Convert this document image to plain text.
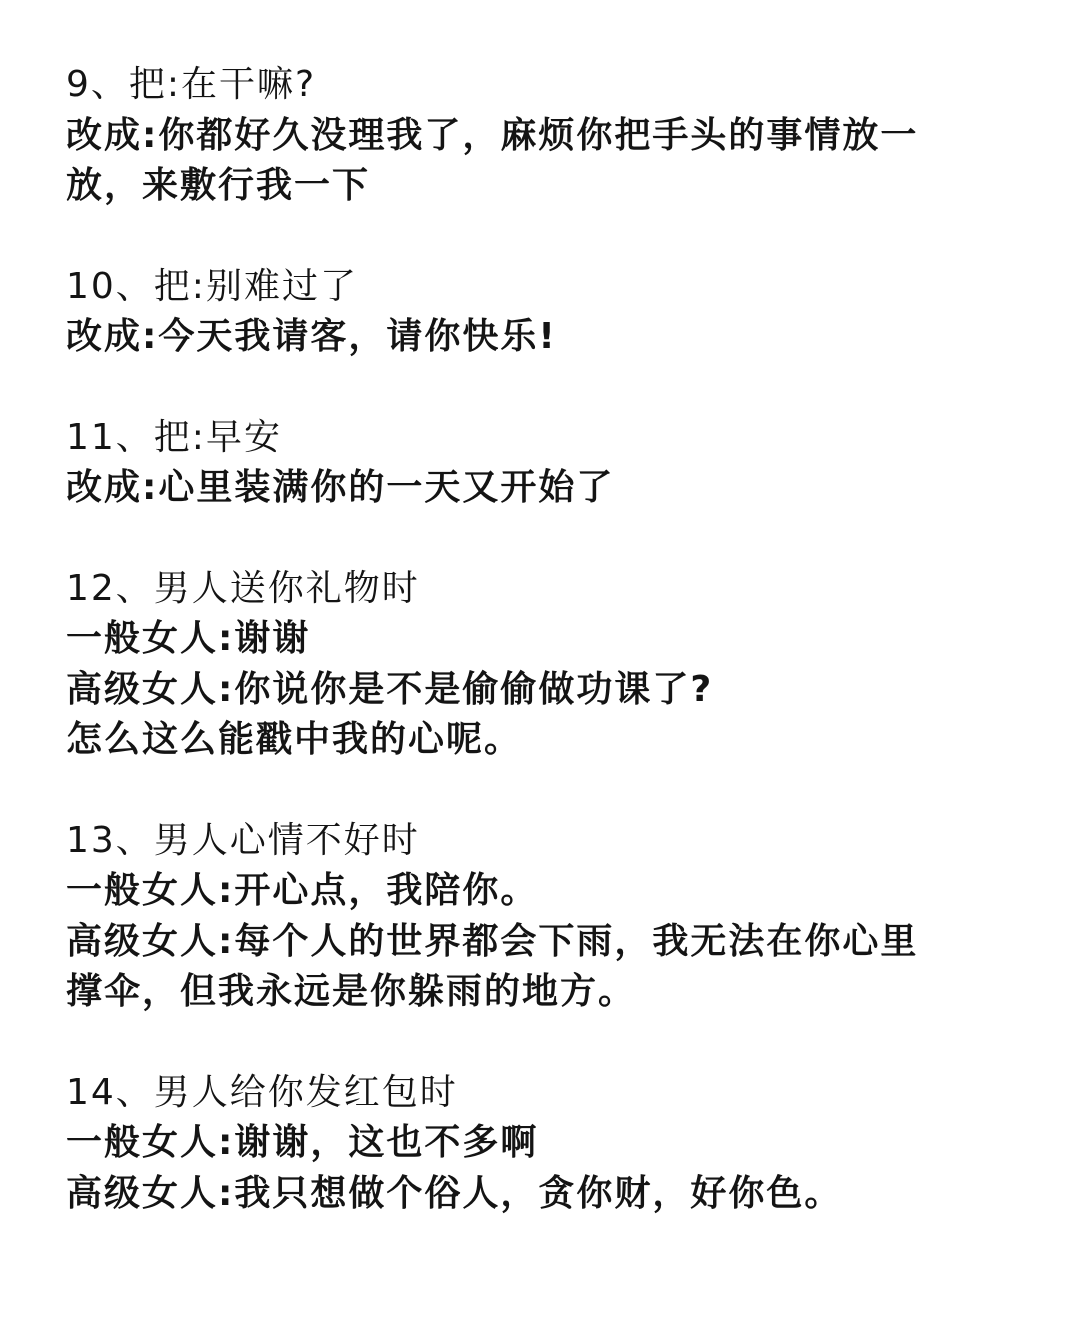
9、把:在干嘛?
改成:你都好久没理我了，麻烦你把手头的事情放一
放，来敷行我一下
10、把:别难过了
改成:今天我请客，请你快乐!
11、把:早安
改成:心里装满你的一天又开始了
12、男人送你礼物时
一般女人:谢谢
高级女人:你说你是不是偷偷做功课了?
怎么这么能戳中我的心呢。
13、男人心情不好时
一般女人:开心点，我陪你。
高级女人:每个人的世界都会下雨，我无法在你心里
撑伞，但我永远是你躲雨的地方。
14、男人给你发红包时
一般女人:谢谢，这也不多啊
高级女人:我只想做个俗人，贪你财，好你色。
